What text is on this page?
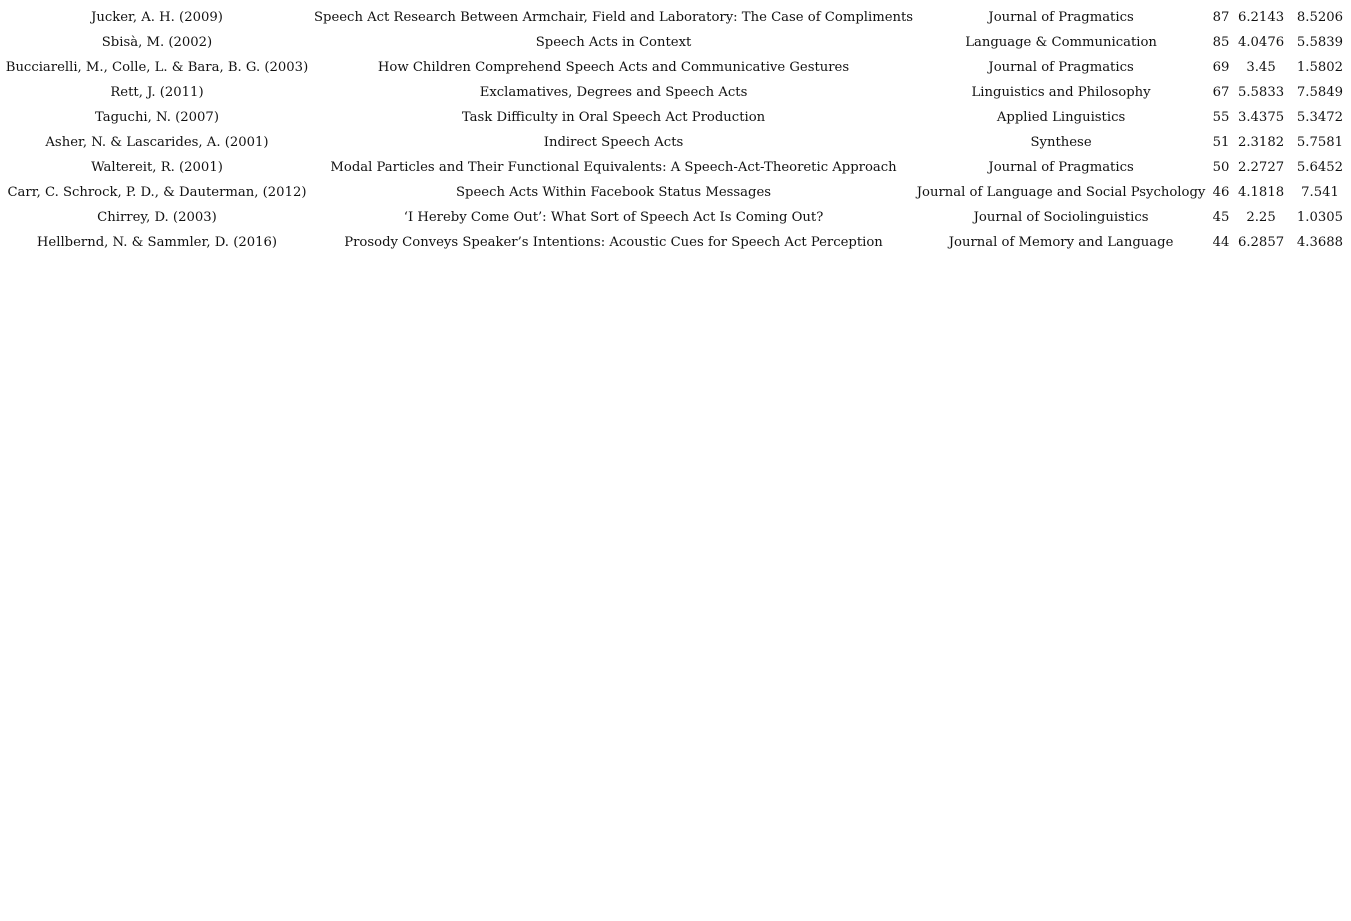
Jucker, A. H. (2009)	Speech Act Research Between Armchair, Field and Laboratory: The Case of Compliments	Journal of Pragmatics	87	6.2143	8.5206
Sbisà, M. (2002)	Speech Acts in Context	Language & Communication	85	4.0476	5.5839
Bucciarelli, M., Colle, L. & Bara, B. G. (2003)	How Children Comprehend Speech Acts and Communicative Gestures	Journal of Pragmatics	69	3.45	1.5802
Rett, J. (2011)	Exclamatives, Degrees and Speech Acts	Linguistics and Philosophy	67	5.5833	7.5849
Taguchi, N. (2007)	Task Difficulty in Oral Speech Act Production	Applied Linguistics	55	3.4375	5.3472
Asher, N. & Lascarides, A. (2001)	Indirect Speech Acts	Synthese	51	2.3182	5.7581
Waltereit, R. (2001)	Modal Particles and Their Functional Equivalents: A Speech-Act-Theoretic Approach	Journal of Pragmatics	50	2.2727	5.6452
Carr, C. Schrock, P. D., & Dauterman, (2012)	Speech Acts Within Facebook Status Messages	Journal of Language and Social Psychology	46	4.1818	7.541
Chirrey, D. (2003)	‘I Hereby Come Out’: What Sort of Speech Act Is Coming Out?	Journal of Sociolinguistics	45	2.25	1.0305
Hellbernd, N. & Sammler, D. (2016)	Prosody Conveys Speaker’s Intentions: Acoustic Cues for Speech Act Perception	Journal of Memory and Language	44	6.2857	4.3688
